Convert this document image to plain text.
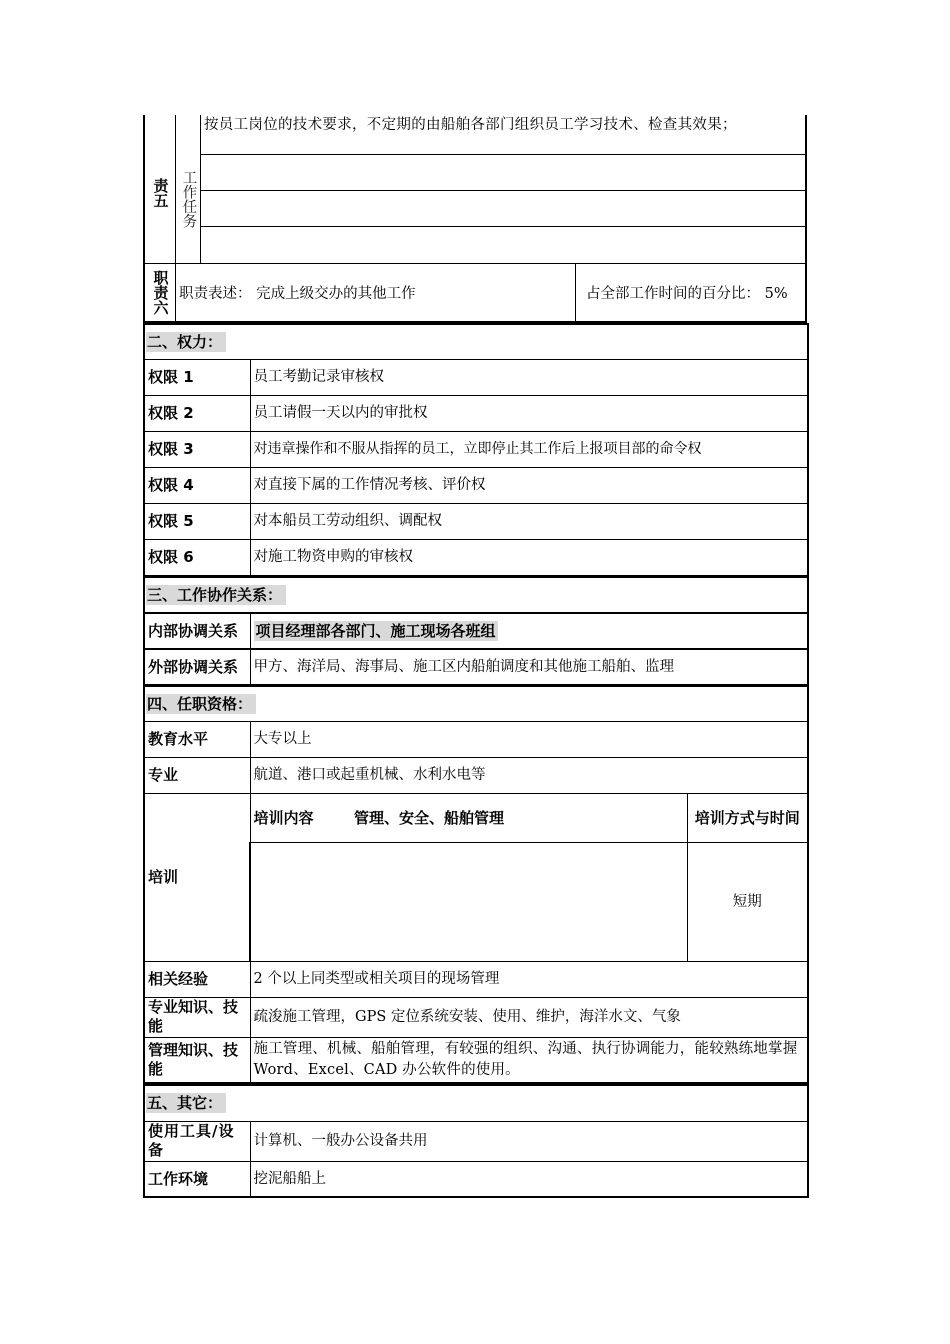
责五 工作任务
按员工岗位的技术要求，不定期的由船舶各部门组织员工学习技术、检查其效果；
职责六 职责表述： 完成上级交办的其他工作	占全部工作时间的百分比： 5%
二、权力：	
权限 1	员工考勤记录审核权
权限 2	员工请假一天以内的审批权
权限 3	对违章操作和不服从指挥的员工，立即停止其工作后上报项目部的命令权
权限 4	对直接下属的工作情况考核、评价权
权限 5	对本船员工劳动组织、调配权
权限 6	对施工物资申购的审核权
三、工作协作关系：	
内部协调关系	项目经理部各部门、施工现场各班组
外部协调关系	甲方、海洋局、海事局、施工区内船舶调度和其他施工船舶、监理
四、任职资格：		
教育水平	大专以上	
专业	航道、港口或起重机械、水利水电等	
培训	培训内容 管理、安全、船舶管理	培训方式与时间
		短期
相关经验	2 个以上同类型或相关项目的现场管理	
专业知识、技能	疏浚施工管理，GPS 定位系统安装、使用、维护，海洋水文、气象	
管理知识、技能	施工管理、机械、船舶管理，有较强的组织、沟通、执行协调能力，能较熟练地掌握 Word、Excel、CAD 办公软件的使用。	
五、其它：	
使用工具/设备	计算机、一般办公设备共用
工作环境	挖泥船船上
